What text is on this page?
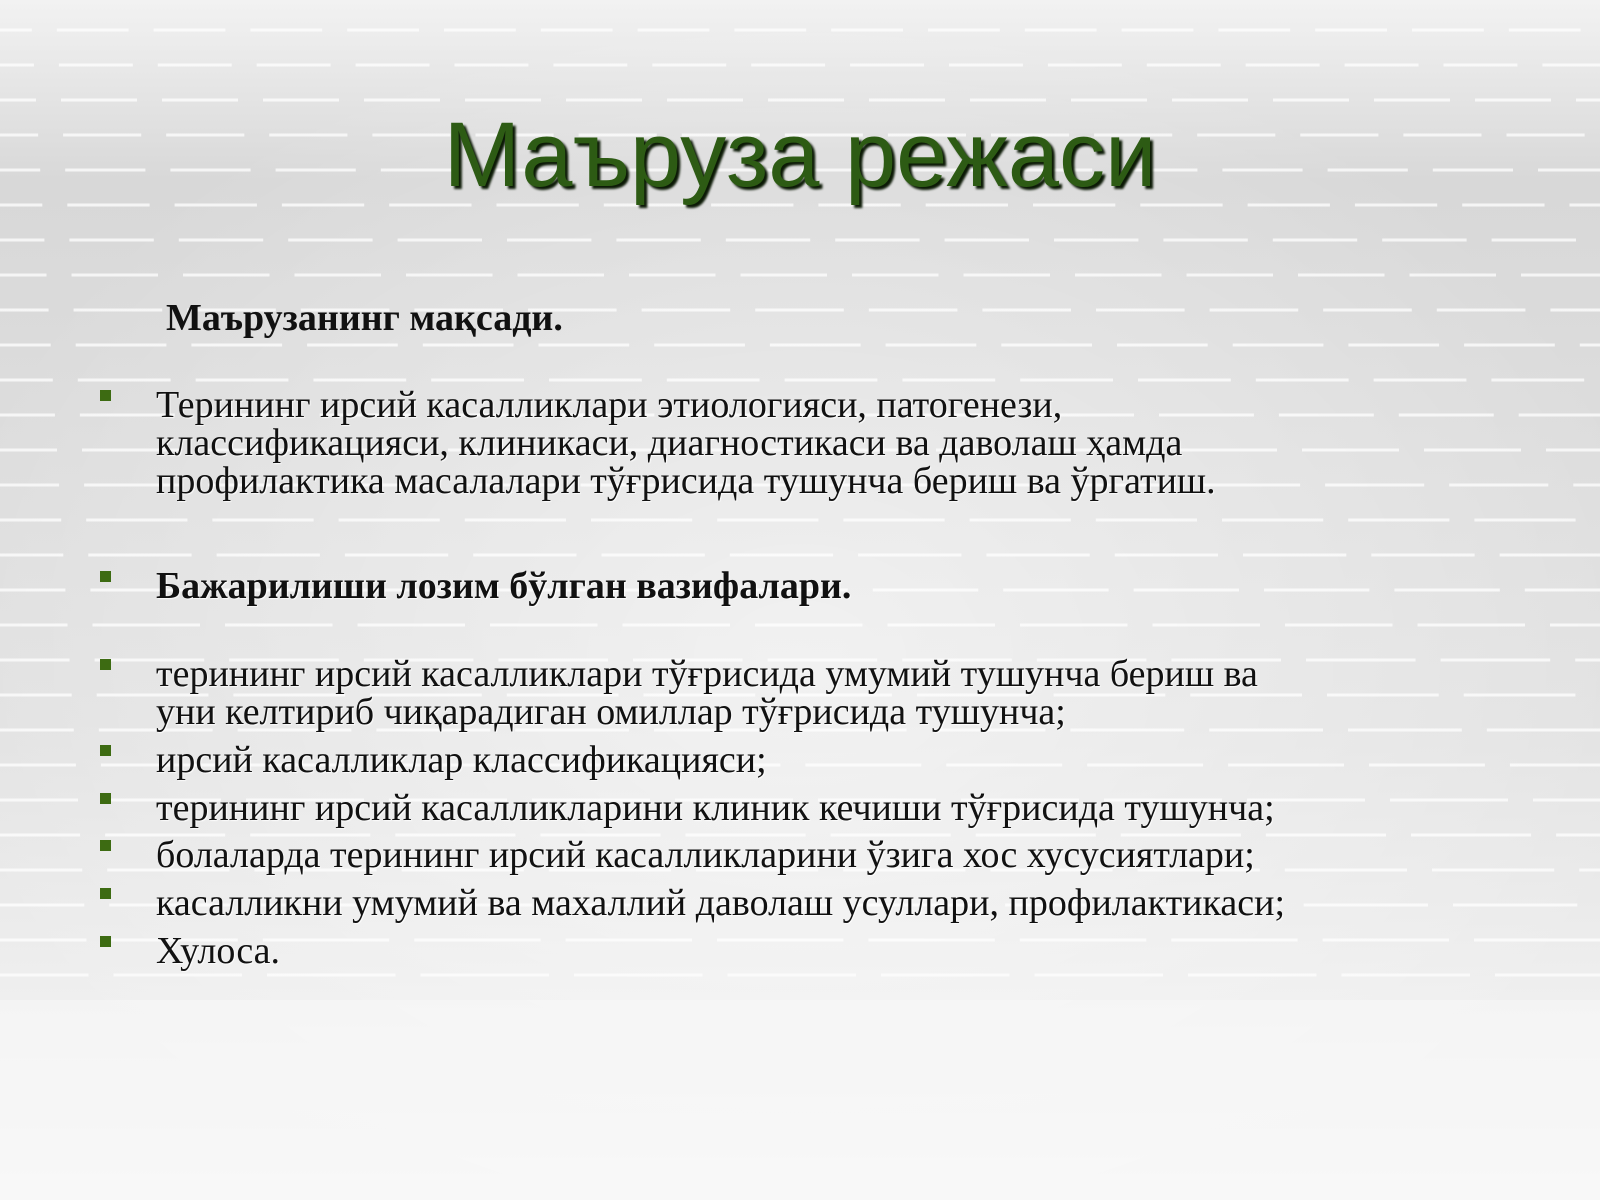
Маъруза режаси
Маърузанинг мақсади.
Терининг ирсий касалликлари этиологияси, патогенези,
классификацияси, клиникаси, диагностикаси ва даволаш ҳамда
профилактика масалалари тўғрисида тушунча бериш ва ўргатиш.
Бажарилиши лозим бўлган вазифалари.
терининг ирсий касалликлари тўғрисида умумий тушунча бериш ва
уни келтириб чиқарадиган омиллар тўғрисида тушунча;
ирсий касалликлар классификацияси;
терининг ирсий касалликларини клиник кечиши тўғрисида тушунча;
болаларда терининг ирсий касалликларини ўзига хос хусусиятлари;
касалликни умумий ва махаллий даволаш усуллари, профилактикаси;
Хулоса.
